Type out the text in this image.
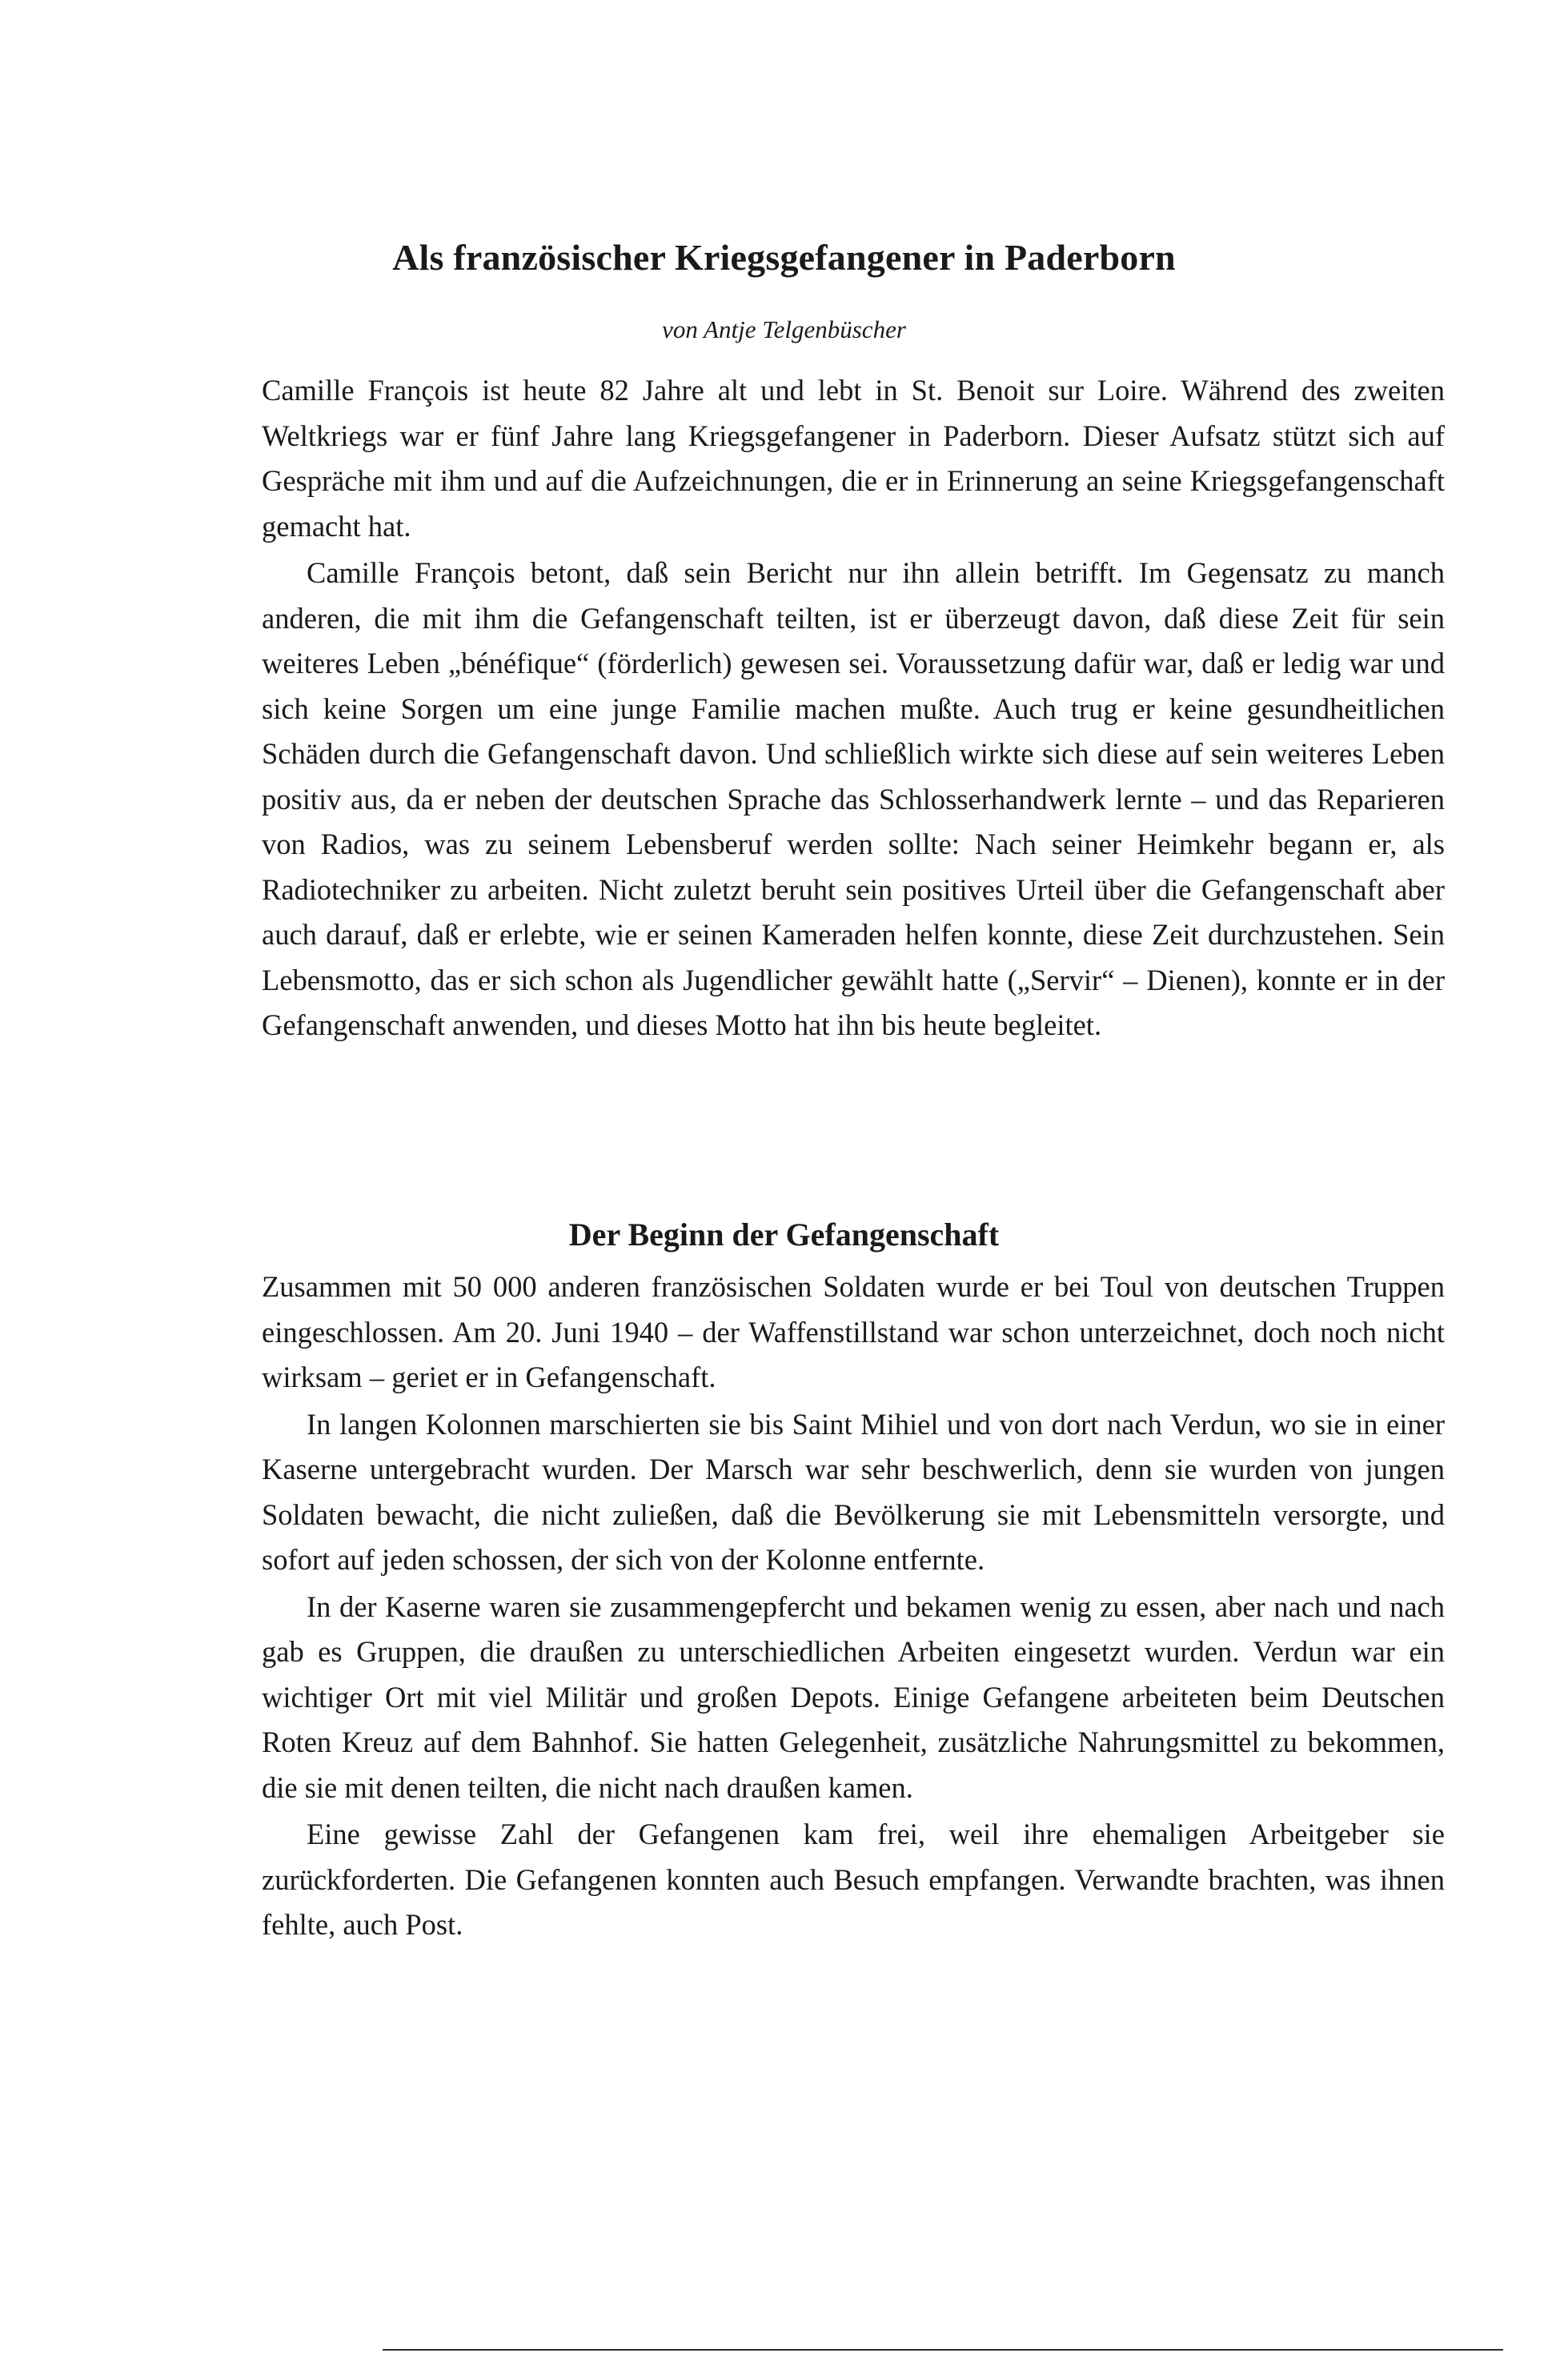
Als französischer Kriegsgefangener in Paderborn
von Antje Telgenbüscher

Camille François ist heute 82 Jahre alt und lebt in St. Benoit sur Loire. Während des zweiten Weltkriegs war er fünf Jahre lang Kriegsgefangener in Paderborn. Dieser Aufsatz stützt sich auf Gespräche mit ihm und auf die Aufzeichnungen, die er in Erinnerung an seine Kriegsgefangenschaft gemacht hat.

Camille François betont, daß sein Bericht nur ihn allein betrifft. Im Gegensatz zu manch anderen, die mit ihm die Gefangenschaft teilten, ist er überzeugt davon, daß diese Zeit für sein weiteres Leben „bénéfique“ (förderlich) gewesen sei. Voraussetzung dafür war, daß er ledig war und sich keine Sorgen um eine junge Familie machen mußte. Auch trug er keine gesundheitlichen Schäden durch die Gefangenschaft davon. Und schließlich wirkte sich diese auf sein weiteres Leben positiv aus, da er neben der deutschen Sprache das Schlosserhandwerk lernte – und das Reparieren von Radios, was zu seinem Lebensberuf werden sollte: Nach seiner Heimkehr begann er, als Radiotechniker zu arbeiten. Nicht zuletzt beruht sein positives Urteil über die Gefangenschaft aber auch darauf, daß er erlebte, wie er seinen Kameraden helfen konnte, diese Zeit durchzustehen. Sein Lebensmotto, das er sich schon als Jugendlicher gewählt hatte („Servir“ – Dienen), konnte er in der Gefangenschaft anwenden, und dieses Motto hat ihn bis heute begleitet.

Der Beginn der Gefangenschaft

Zusammen mit 50 000 anderen französischen Soldaten wurde er bei Toul von deutschen Truppen eingeschlossen. Am 20. Juni 1940 – der Waffenstillstand war schon unterzeichnet, doch noch nicht wirksam – geriet er in Gefangenschaft.

In langen Kolonnen marschierten sie bis Saint Mihiel und von dort nach Verdun, wo sie in einer Kaserne untergebracht wurden. Der Marsch war sehr beschwerlich, denn sie wurden von jungen Soldaten bewacht, die nicht zuließen, daß die Bevölkerung sie mit Lebensmitteln versorgte, und sofort auf jeden schossen, der sich von der Kolonne entfernte.

In der Kaserne waren sie zusammengepfercht und bekamen wenig zu essen, aber nach und nach gab es Gruppen, die draußen zu unterschiedlichen Arbeiten eingesetzt wurden. Verdun war ein wichtiger Ort mit viel Militär und großen Depots. Einige Gefangene arbeiteten beim Deutschen Roten Kreuz auf dem Bahnhof. Sie hatten Gelegenheit, zusätzliche Nahrungsmittel zu bekommen, die sie mit denen teilten, die nicht nach draußen kamen.

Eine gewisse Zahl der Gefangenen kam frei, weil ihre ehemaligen Arbeitgeber sie zurückforderten. Die Gefangenen konnten auch Besuch empfangen. Verwandte brachten, was ihnen fehlte, auch Post.
